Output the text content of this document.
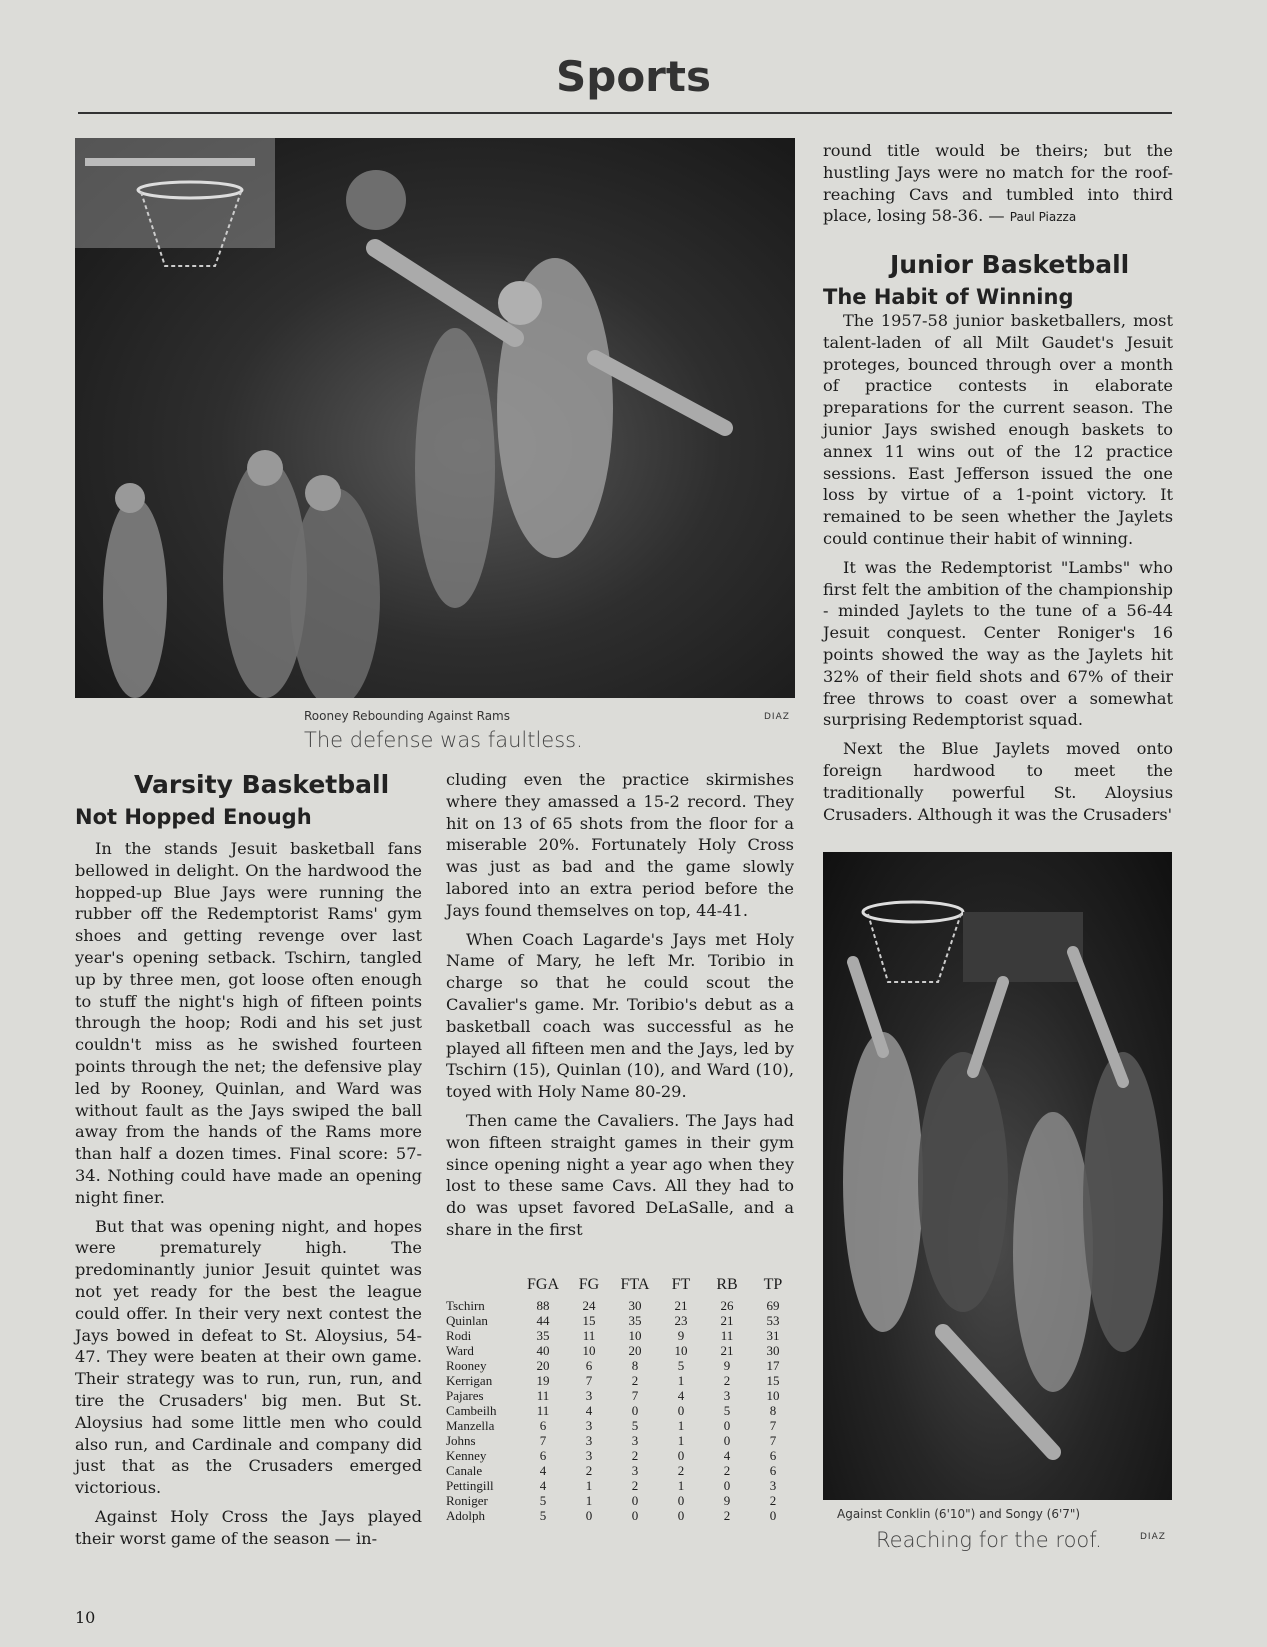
Sports
Rooney Rebounding Against Rams	DIAZ
The defense was faultless.
Varsity Basketball
Not Hopped Enough

In the stands Jesuit basketball fans bellowed in delight. On the hardwood the hopped-up Blue Jays were running the rubber off the Redemptorist Rams' gym shoes and getting revenge over last year's opening setback. Tschirn, tangled up by three men, got loose often enough to stuff the night's high of fifteen points through the hoop; Rodi and his set just couldn't miss as he swished fourteen points through the net; the defensive play led by Rooney, Quinlan, and Ward was without fault as the Jays swiped the ball away from the hands of the Rams more than half a dozen times. Final score: 57-34. Nothing could have made an opening night finer.

But that was opening night, and hopes were prematurely high. The predominantly junior Jesuit quintet was not yet ready for the best the league could offer. In their very next contest the Jays bowed in defeat to St. Aloysius, 54-47. They were beaten at their own game. Their strategy was to run, run, run, and tire the Crusaders' big men. But St. Aloysius had some little men who could also run, and Cardinale and company did just that as the Crusaders emerged victorious.

Against Holy Cross the Jays played their worst game of the season — in-

cluding even the practice skirmishes where they amassed a 15-2 record. They hit on 13 of 65 shots from the floor for a miserable 20%. Fortunately Holy Cross was just as bad and the game slowly labored into an extra period before the Jays found themselves on top, 44-41.

When Coach Lagarde's Jays met Holy Name of Mary, he left Mr. Toribio in charge so that he could scout the Cavalier's game. Mr. Toribio's debut as a basketball coach was successful as he played all fifteen men and the Jays, led by Tschirn (15), Quinlan (10), and Ward (10), toyed with Holy Name 80-29.

Then came the Cavaliers. The Jays had won fifteen straight games in their gym since opening night a year ago when they lost to these same Cavs. All they had to do was upset favored DeLaSalle, and a share in the first

	FGA	FG	FTA	FT	RB	TP
Tschirn	88	24	30	21	26	69
Quinlan	44	15	35	23	21	53
Rodi	35	11	10	9	11	31
Ward	40	10	20	10	21	30
Rooney	20	6	8	5	9	17
Kerrigan	19	7	2	1	2	15
Pajares	11	3	7	4	3	10
Cambeilh	11	4	0	0	5	8
Manzella	6	3	5	1	0	7
Johns	7	3	3	1	0	7
Kenney	6	3	2	0	4	6
Canale	4	2	3	2	2	6
Pettingill	4	1	2	1	0	3
Roniger	5	1	0	0	9	2
Adolph	5	0	0	0	2	0

round title would be theirs; but the hustling Jays were no match for the roof-reaching Cavs and tumbled into third place, losing 58-36. — Paul Piazza

Junior Basketball
The Habit of Winning

The 1957-58 junior basketballers, most talent-laden of all Milt Gaudet's Jesuit proteges, bounced through over a month of practice contests in elaborate preparations for the current season. The junior Jays swished enough baskets to annex 11 wins out of the 12 practice sessions. East Jefferson issued the one loss by virtue of a 1-point victory. It remained to be seen whether the Jaylets could continue their habit of winning.

It was the Redemptorist "Lambs" who first felt the ambition of the championship - minded Jaylets to the tune of a 56-44 Jesuit conquest. Center Roniger's 16 points showed the way as the Jaylets hit 32% of their field shots and 67% of their free throws to coast over a somewhat surprising Redemptorist squad.

Next the Blue Jaylets moved onto foreign hardwood to meet the traditionally powerful St. Aloysius Crusaders. Although it was the Crusaders'

Against Conklin (6'10") and Songy (6'7")
Reaching for the roof.	DIAZ
10
